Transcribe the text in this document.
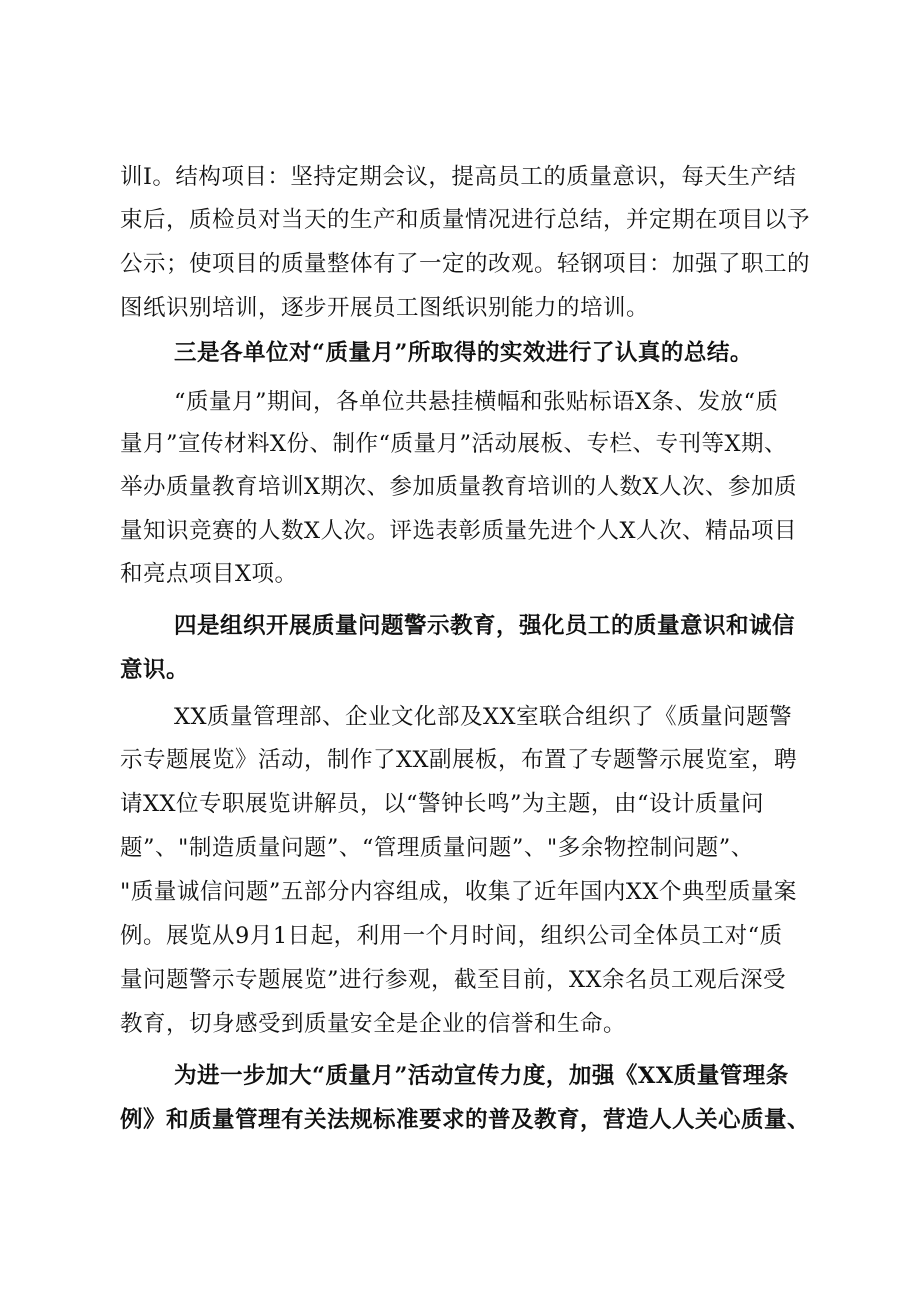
训I。结构项目：坚持定期会议，提高员工的质量意识，每天生产结
束后，质检员对当天的生产和质量情况进行总结，并定期在项目以予
公示；使项目的质量整体有了一定的改观。轻钢项目：加强了职工的
图纸识别培训，逐步开展员工图纸识别能力的培训。
三是各单位对“质量月”所取得的实效进行了认真的总结。
“质量月”期间，各单位共悬挂横幅和张贴标语X条、发放“质
量月”宣传材料X份、制作“质量月”活动展板、专栏、专刊等X期、
举办质量教育培训X期次、参加质量教育培训的人数X人次、参加质
量知识竞赛的人数X人次。评选表彰质量先进个人X人次、精品项目
和亮点项目X项。
四是组织开展质量问题警示教育，强化员工的质量意识和诚信
意识。
XX质量管理部、企业文化部及XX室联合组织了《质量问题警
示专题展览》活动，制作了XX副展板，布置了专题警示展览室，聘
请XX位专职展览讲解员，以“警钟长鸣”为主题，由“设计质量问
题”、"制造质量问题”、“管理质量问题”、"多余物控制问题”、
"质量诚信问题”五部分内容组成，收集了近年国内XX个典型质量案
例。展览从9月1日起，利用一个月时间，组织公司全体员工对“质
量问题警示专题展览”进行参观，截至目前，XX余名员工观后深受
教育，切身感受到质量安全是企业的信誉和生命。
为进一步加大“质量月”活动宣传力度，加强《XX质量管理条
例》和质量管理有关法规标准要求的普及教育，营造人人关心质量、
